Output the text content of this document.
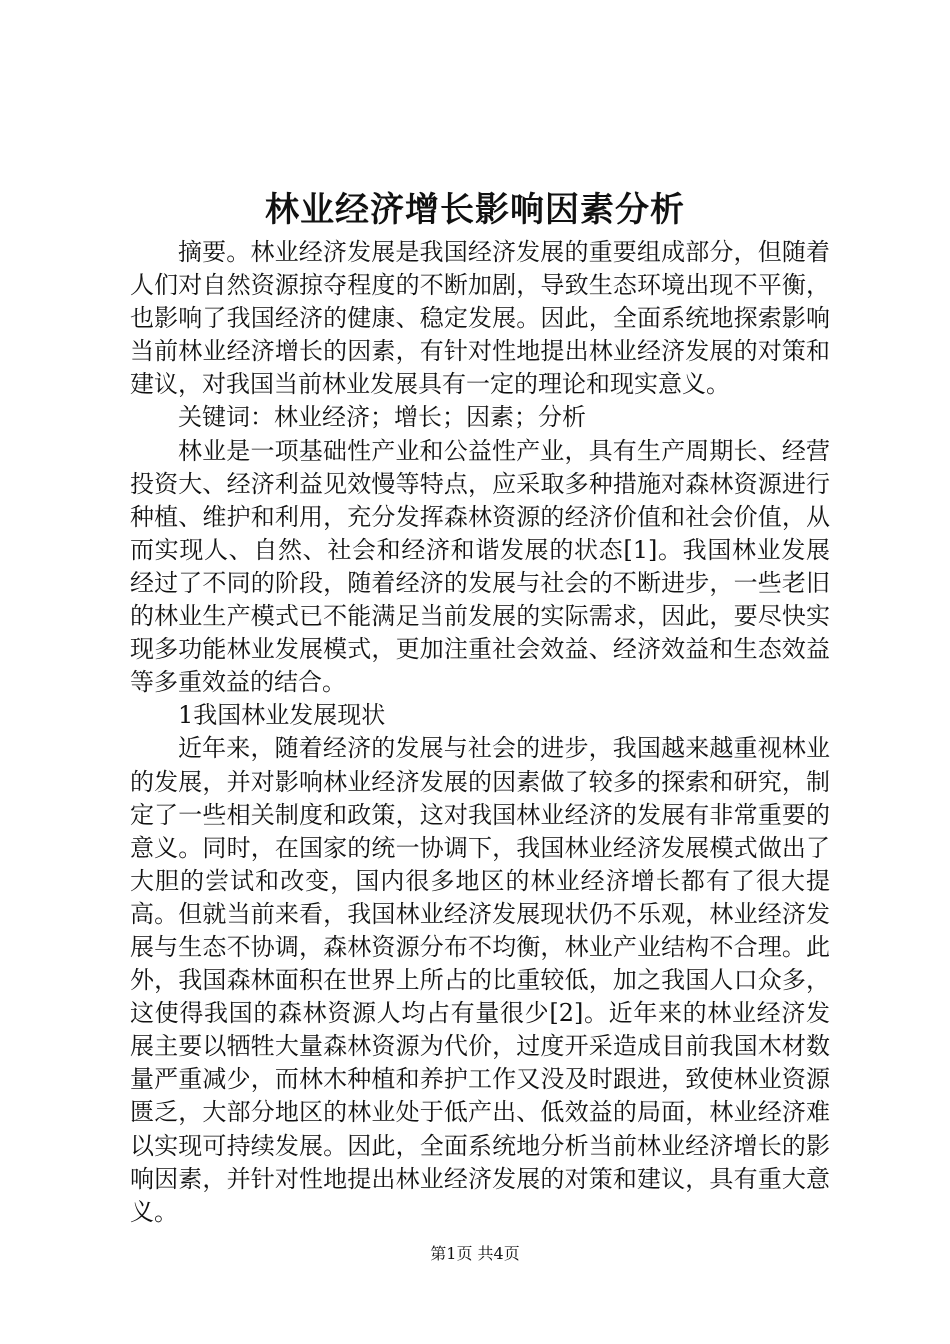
林业经济增长影响因素分析

摘要。林业经济发展是我国经济发展的重要组成部分，但随着人们对自然资源掠夺程度的不断加剧，导致生态环境出现不平衡，也影响了我国经济的健康、稳定发展。因此，全面系统地探索影响当前林业经济增长的因素，有针对性地提出林业经济发展的对策和建议，对我国当前林业发展具有一定的理论和现实意义。

关键词：林业经济；增长；因素；分析

林业是一项基础性产业和公益性产业，具有生产周期长、经营投资大、经济利益见效慢等特点，应采取多种措施对森林资源进行种植、维护和利用，充分发挥森林资源的经济价值和社会价值，从而实现人、自然、社会和经济和谐发展的状态[1]。我国林业发展经过了不同的阶段，随着经济的发展与社会的不断进步，一些老旧的林业生产模式已不能满足当前发展的实际需求，因此，要尽快实现多功能林业发展模式，更加注重社会效益、经济效益和生态效益等多重效益的结合。

1我国林业发展现状

近年来，随着经济的发展与社会的进步，我国越来越重视林业的发展，并对影响林业经济发展的因素做了较多的探索和研究，制定了一些相关制度和政策，这对我国林业经济的发展有非常重要的意义。同时，在国家的统一协调下，我国林业经济发展模式做出了大胆的尝试和改变，国内很多地区的林业经济增长都有了很大提高。但就当前来看，我国林业经济发展现状仍不乐观，林业经济发展与生态不协调，森林资源分布不均衡，林业产业结构不合理。此外，我国森林面积在世界上所占的比重较低，加之我国人口众多，这使得我国的森林资源人均占有量很少[2]。近年来的林业经济发展主要以牺牲大量森林资源为代价，过度开采造成目前我国木材数量严重减少，而林木种植和养护工作又没及时跟进，致使林业资源匮乏，大部分地区的林业处于低产出、低效益的局面，林业经济难以实现可持续发展。因此，全面系统地分析当前林业经济增长的影响因素，并针对性地提出林业经济发展的对策和建议，具有重大意义。

第1页 共4页
